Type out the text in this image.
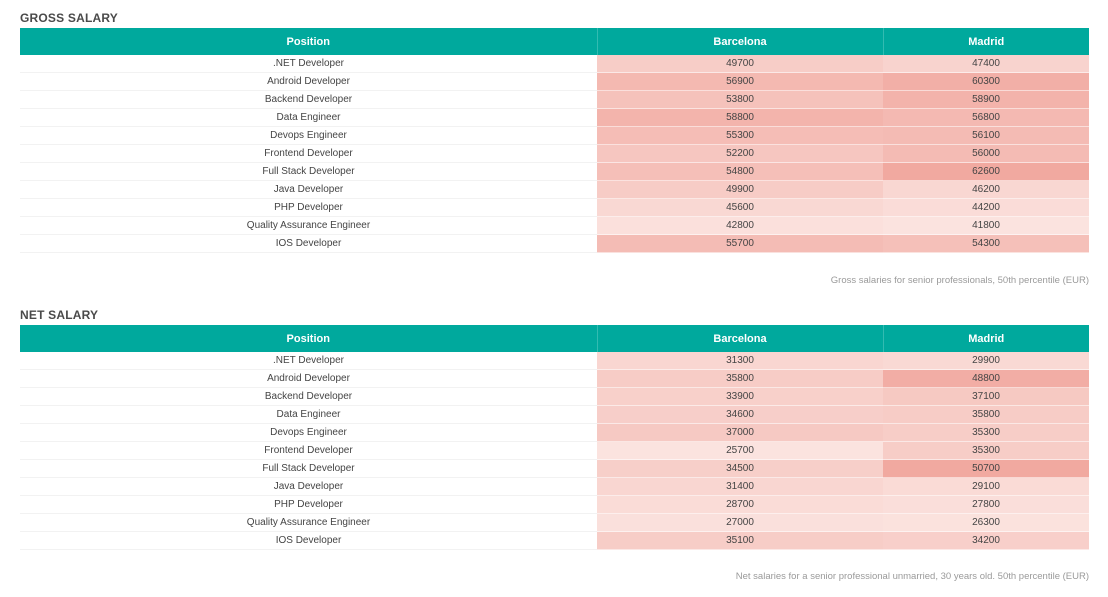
GROSS SALARY
Position	Barcelona	Madrid
.NET Developer	49700	47400
Android Developer	56900	60300
Backend Developer	53800	58900
Data Engineer	58800	56800
Devops Engineer	55300	56100
Frontend Developer	52200	56000
Full Stack Developer	54800	62600
Java Developer	49900	46200
PHP Developer	45600	44200
Quality Assurance Engineer	42800	41800
IOS Developer	55700	54300
Gross salaries for senior professionals, 50th percentile (EUR)
NET SALARY
Position	Barcelona	Madrid
.NET Developer	31300	29900
Android Developer	35800	48800
Backend Developer	33900	37100
Data Engineer	34600	35800
Devops Engineer	37000	35300
Frontend Developer	25700	35300
Full Stack Developer	34500	50700
Java Developer	31400	29100
PHP Developer	28700	27800
Quality Assurance Engineer	27000	26300
IOS Developer	35100	34200
Net salaries for a senior professional unmarried, 30 years old. 50th percentile (EUR)
